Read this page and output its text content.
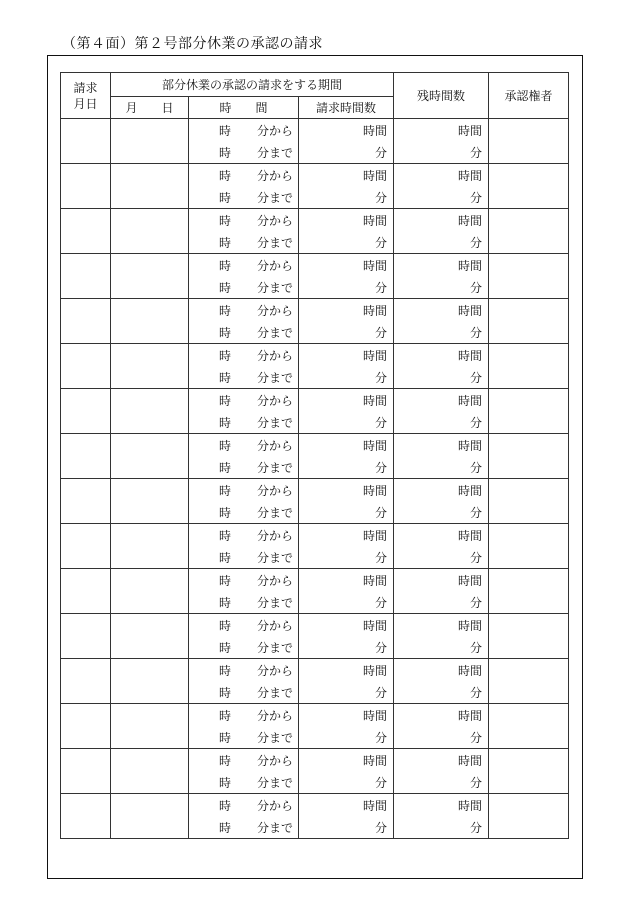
（第４面）第２号部分休業の承認の請求
請求
月日	部分休業の承認の請求をする期間			残時間数	承認権者
	月　　日	時　　間	請求時間数		
		時 分から	時間	時間	
		時 分まで	分	分	
		時 分から	時間	時間	
		時 分まで	分	分	
		時 分から	時間	時間	
		時 分まで	分	分	
		時 分から	時間	時間	
		時 分まで	分	分	
		時 分から	時間	時間	
		時 分まで	分	分	
		時 分から	時間	時間	
		時 分まで	分	分	
		時 分から	時間	時間	
		時 分まで	分	分	
		時 分から	時間	時間	
		時 分まで	分	分	
		時 分から	時間	時間	
		時 分まで	分	分	
		時 分から	時間	時間	
		時 分まで	分	分	
		時 分から	時間	時間	
		時 分まで	分	分	
		時 分から	時間	時間	
		時 分まで	分	分	
		時 分から	時間	時間	
		時 分まで	分	分	
		時 分から	時間	時間	
		時 分まで	分	分	
		時 分から	時間	時間	
		時 分まで	分	分	
		時 分から	時間	時間	
		時 分まで	分	分	
